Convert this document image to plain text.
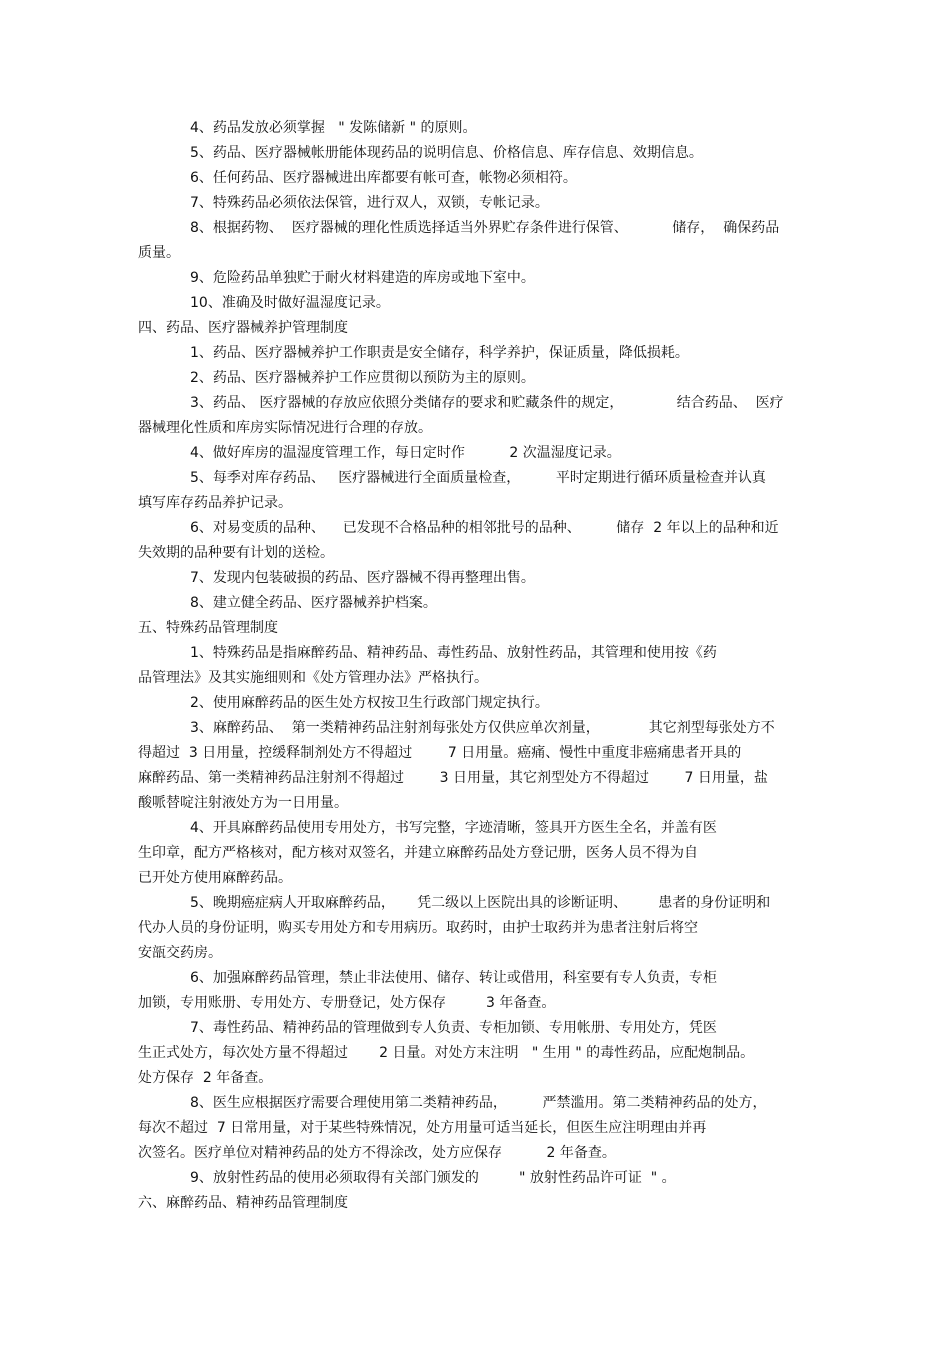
4、药品发放必须掌握   " 发陈储新 " 的原则。
5、药品、医疗器械帐册能体现药品的说明信息、价格信息、库存信息、效期信息。
6、任何药品、医疗器械进出库都要有帐可查，帐物必须相符。
7、特殊药品必须依法保管，进行双人，双锁，专帐记录。
8、根据药物、  医疗器械的理化性质选择适当外界贮存条件进行保管、          储存，  确保药品
质量。
9、危险药品单独贮于耐火材料建造的库房或地下室中。
10、准确及时做好温湿度记录。
四、药品、医疗器械养护管理制度
1、药品、医疗器械养护工作职责是安全储存，科学养护，保证质量，降低损耗。
2、药品、医疗器械养护工作应贯彻以预防为主的原则。
3、药品、 医疗器械的存放应依照分类储存的要求和贮藏条件的规定，            结合药品、  医疗
器械理化性质和库房实际情况进行合理的存放。
4、做好库房的温湿度管理工作，每日定时作          2 次温湿度记录。
5、每季对库存药品、   医疗器械进行全面质量检查，        平时定期进行循环质量检查并认真
填写库存药品养护记录。
6、对易变质的品种、    已发现不合格品种的相邻批号的品种、        储存  2 年以上的品种和近
失效期的品种要有计划的送检。
7、发现内包装破损的药品、医疗器械不得再整理出售。
8、建立健全药品、医疗器械养护档案。
五、特殊药品管理制度
1、特殊药品是指麻醉药品、精神药品、毒性药品、放射性药品，其管理和使用按《药
品管理法》及其实施细则和《处方管理办法》严格执行。
2、使用麻醉药品的医生处方权按卫生行政部门规定执行。
3、麻醉药品、  第一类精神药品注射剂每张处方仅供应单次剂量，           其它剂型每张处方不
得超过  3 日用量，控缓释制剂处方不得超过        7 日用量。癌痛、慢性中重度非癌痛患者开具的
麻醉药品、第一类精神药品注射剂不得超过        3 日用量，其它剂型处方不得超过        7 日用量，盐
酸哌替啶注射液处方为一日用量。
4、开具麻醉药品使用专用处方，书写完整，字迹清晰，签具开方医生全名，并盖有医
生印章，配方严格核对，配方核对双签名，并建立麻醉药品处方登记册，医务人员不得为自
已开处方使用麻醉药品。
5、晚期癌症病人开取麻醉药品，     凭二级以上医院出具的诊断证明、       患者的身份证明和
代办人员的身份证明，购买专用处方和专用病历。取药时，由护士取药并为患者注射后将空
安瓿交药房。
6、加强麻醉药品管理，禁止非法使用、储存、转让或借用，科室要有专人负责，专柜
加锁，专用账册、专用处方、专册登记，处方保存         3 年备查。
7、毒性药品、精神药品的管理做到专人负责、专柜加锁、专用帐册、专用处方，凭医
生正式处方，每次处方量不得超过       2 日量。对处方末注明   " 生用 " 的毒性药品，应配炮制品。
处方保存  2 年备查。
8、医生应根据医疗需要合理使用第二类精神药品，        严禁滥用。第二类精神药品的处方，
每次不超过  7 日常用量，对于某些特殊情况，处方用量可适当延长，但医生应注明理由并再
次签名。医疗单位对精神药品的处方不得涂改，处方应保存          2 年备查。
9、放射性药品的使用必须取得有关部门颁发的         " 放射性药品许可证  " 。
六、麻醉药品、精神药品管理制度
